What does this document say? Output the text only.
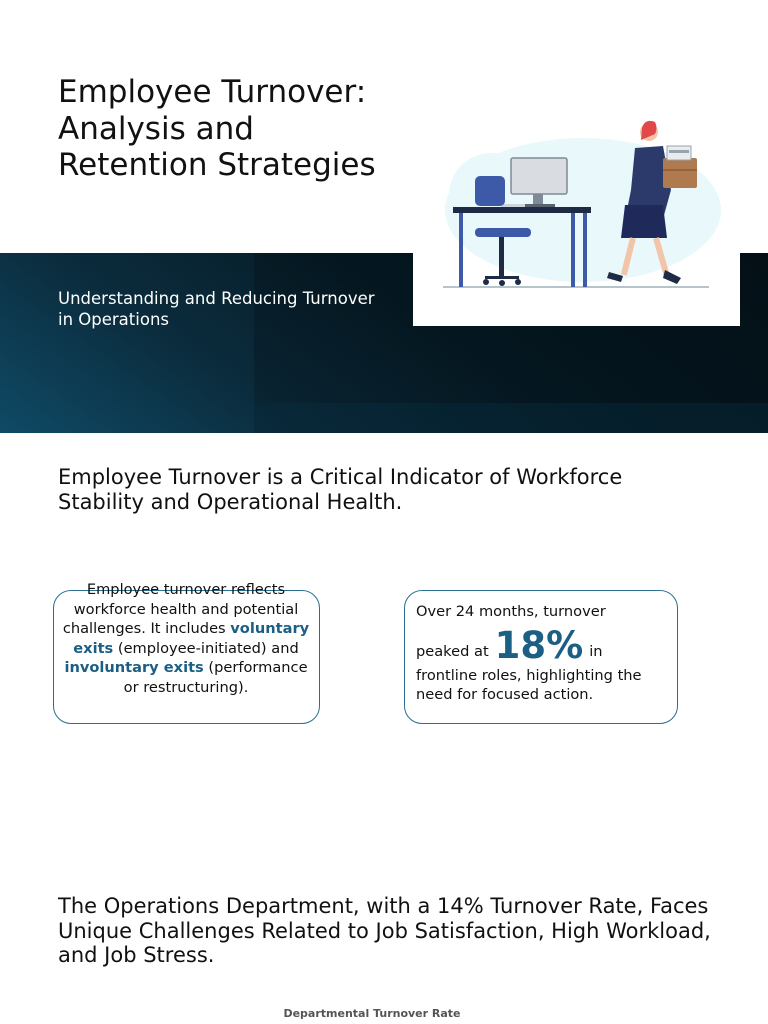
Employee Turnover: Analysis and Retention Strategies

Understanding and Reducing Turnover in Operations

Employee Turnover is a Critical Indicator of Workforce Stability and Operational Health.
Employee turnover reflects workforce health and potential challenges. It includes voluntary exits (employee-initiated) and involuntary exits (performance or restructuring).
Over 24 months, turnover
peaked at 18% in
frontline roles, highlighting the need for focused action.
The Operations Department, with a 14% Turnover Rate, Faces Unique Challenges Related to Job Satisfaction, High Workload, and Job Stress.
Departmental Turnover Rate
